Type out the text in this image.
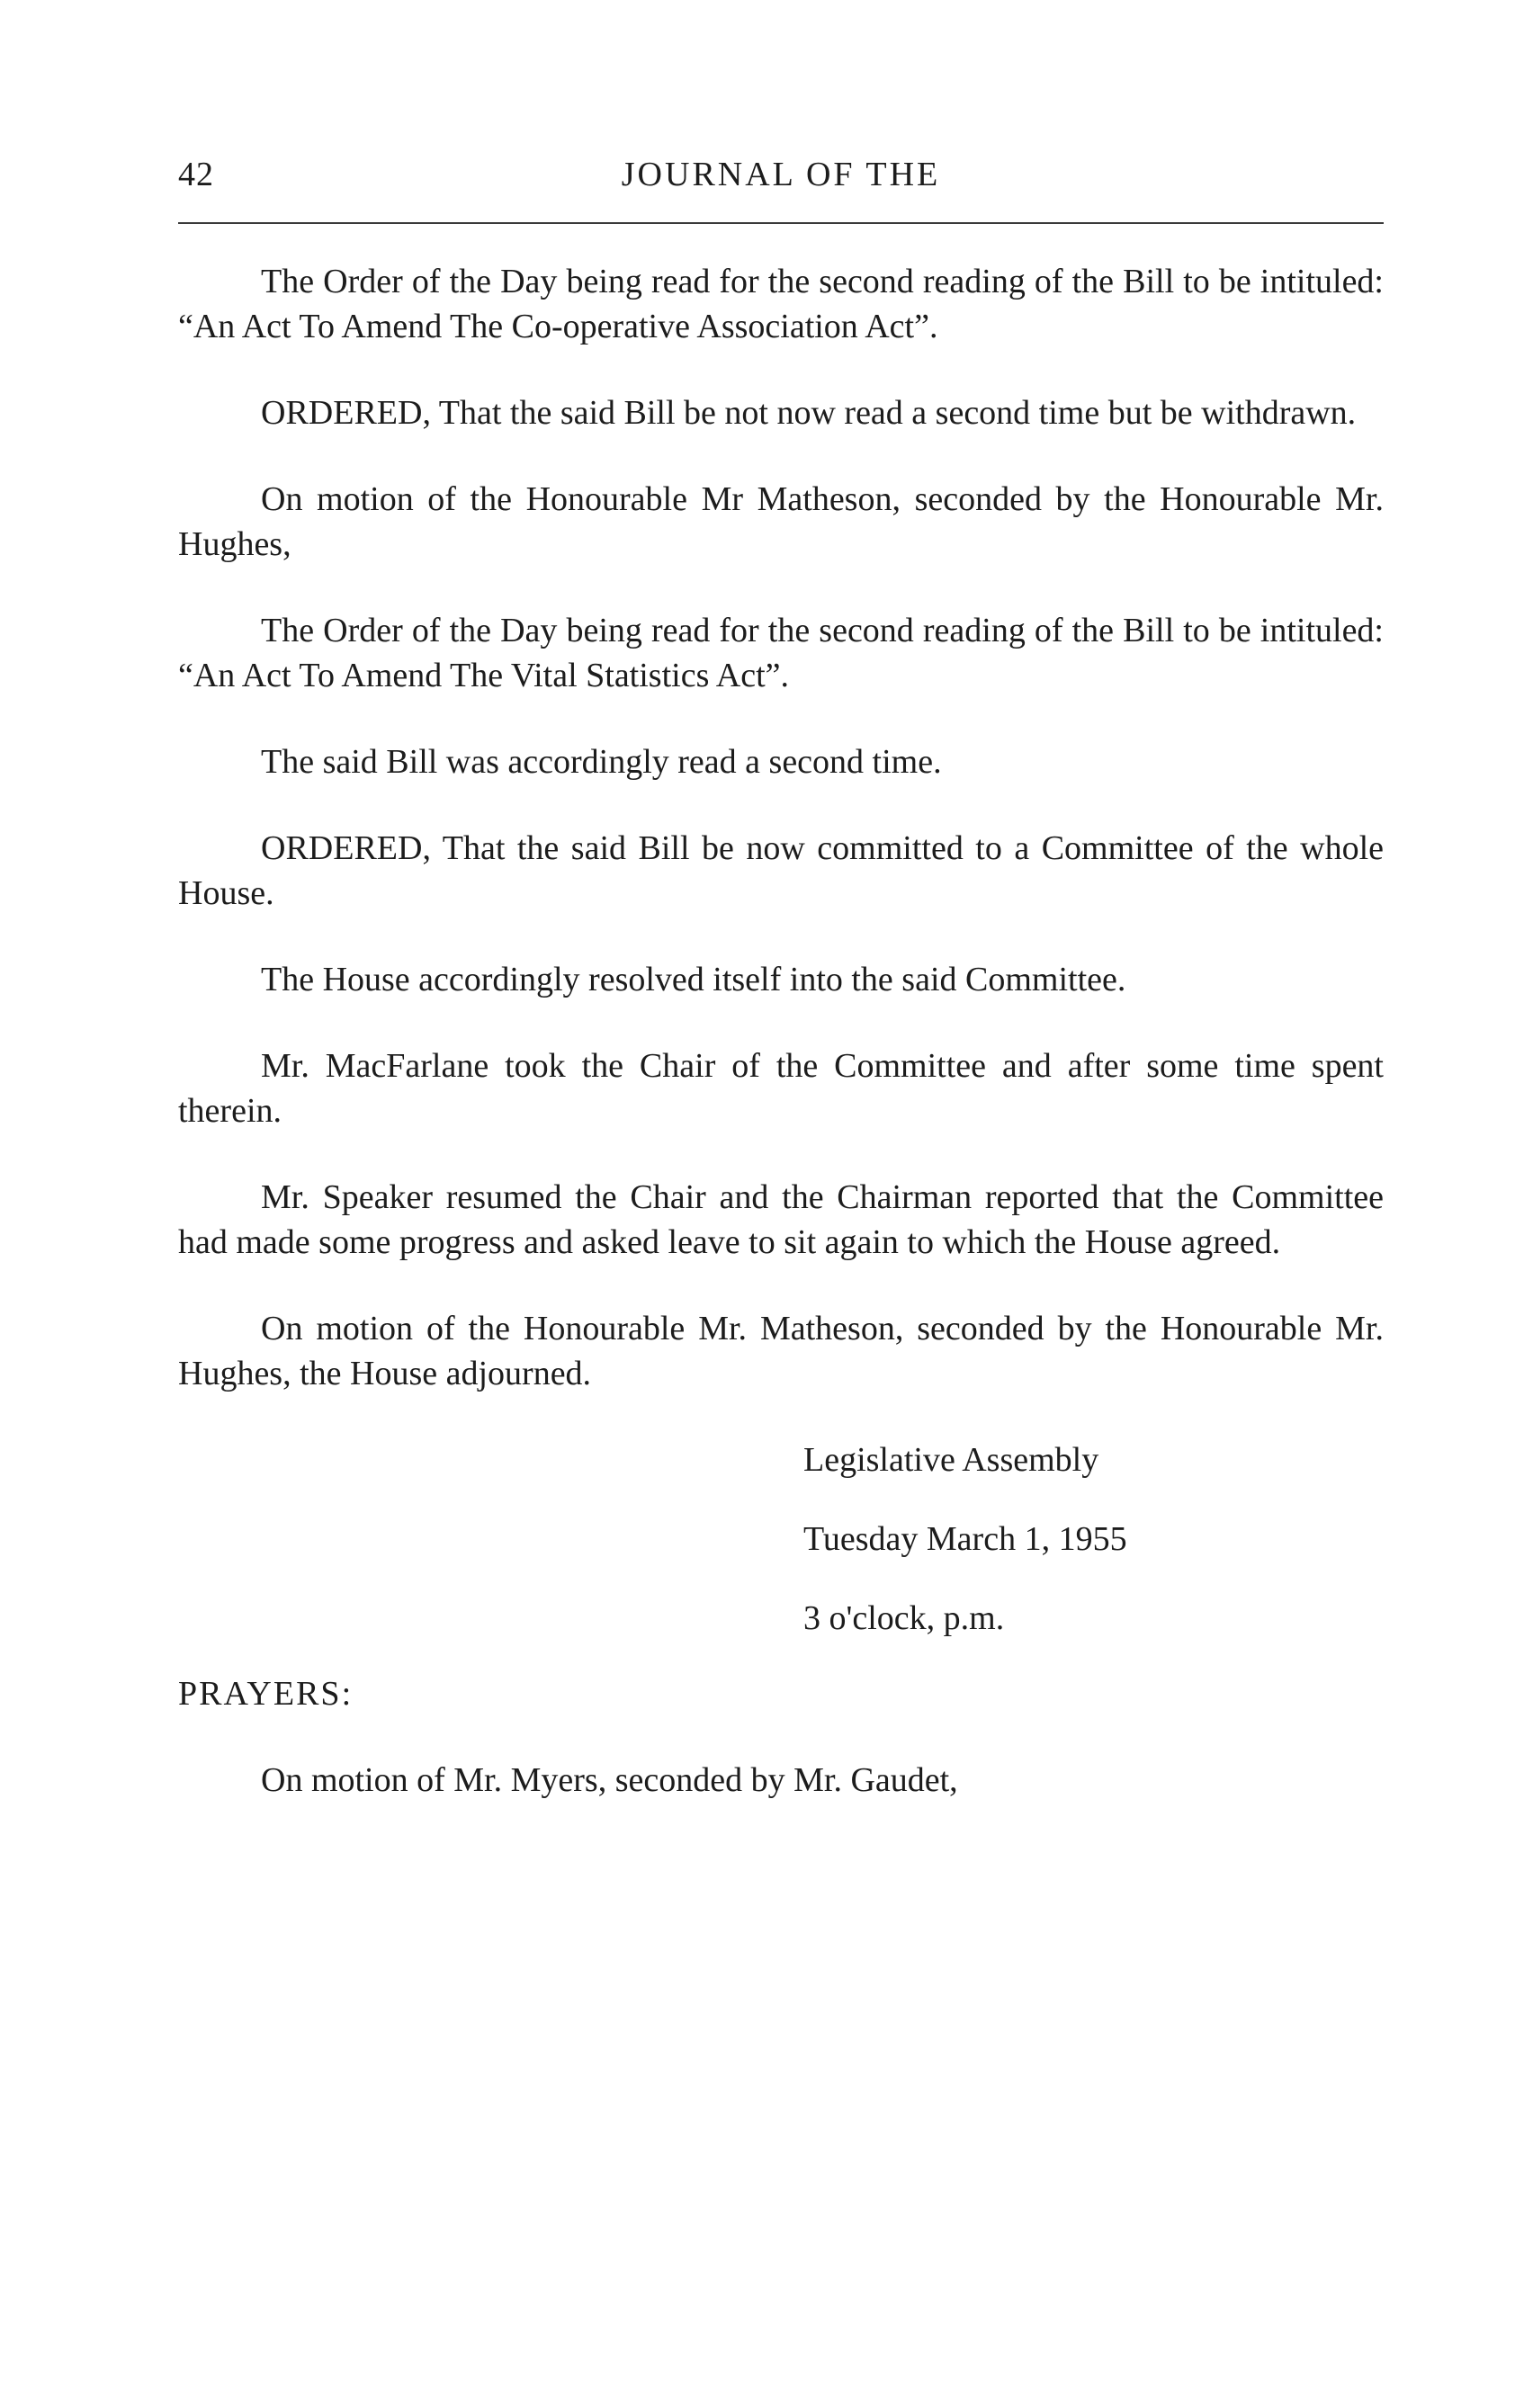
42	JOURNAL OF THE

The Order of the Day being read for the second reading of the Bill to be intituled: “An Act To Amend The Co-operative Association Act”.

ORDERED, That the said Bill be not now read a second time but be withdrawn.

On motion of the Honourable Mr Matheson, seconded by the Honourable Mr. Hughes,

The Order of the Day being read for the second reading of the Bill to be intituled: “An Act To Amend The Vital Statistics Act”.

The said Bill was accordingly read a second time.

ORDERED, That the said Bill be now committed to a Committee of the whole House.

The House accordingly resolved itself into the said Committee.

Mr. MacFarlane took the Chair of the Committee and after some time spent therein.

Mr. Speaker resumed the Chair and the Chairman reported that the Committee had made some progress and asked leave to sit again to which the House agreed.

On motion of the Honourable Mr. Matheson, seconded by the Honourable Mr. Hughes, the House adjourned.

Legislative Assembly

Tuesday March 1, 1955

3 o'clock, p.m.

PRAYERS:

On motion of Mr. Myers, seconded by Mr. Gaudet,
